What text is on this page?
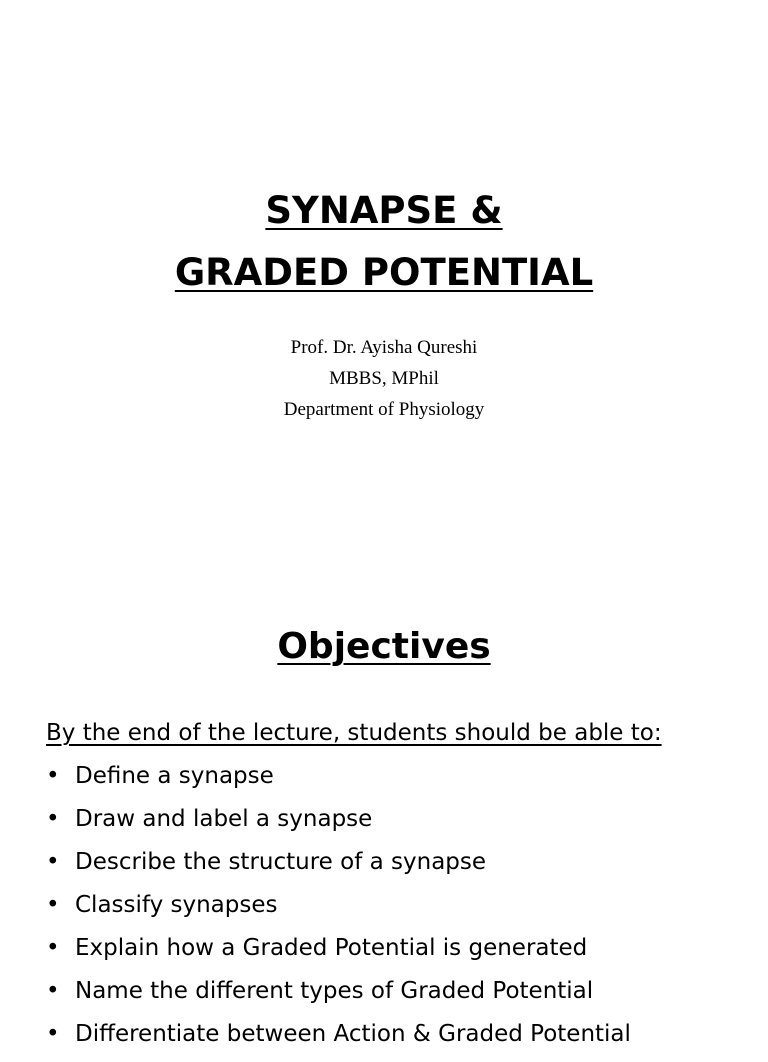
SYNAPSE &
GRADED POTENTIAL
Prof. Dr. Ayisha Qureshi
MBBS, MPhil
Department of Physiology
Objectives
By the end of the lecture, students should be able to:
• Define a synapse
• Draw and label a synapse
• Describe the structure of a synapse
• Classify synapses
• Explain how a Graded Potential is generated
• Name the different types of Graded Potential
• Differentiate between Action & Graded Potential
